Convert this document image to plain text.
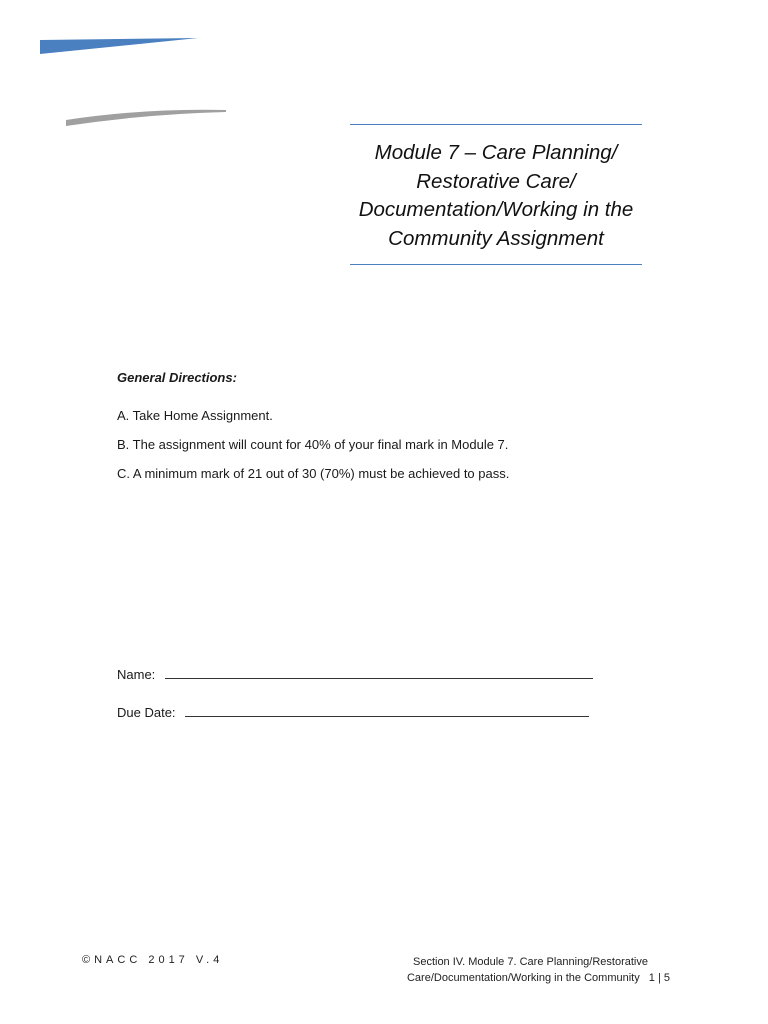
Module 7 – Care Planning/ Restorative Care/ Documentation/Working in the Community Assignment
General Directions:
A. Take Home Assignment.
B. The assignment will count for 40% of your final mark in Module 7.
C. A minimum mark of 21 out of 30 (70%) must be achieved to pass.
Name:
Due Date:
©NACC 2017 V.4	Section IV. Module 7. Care Planning/Restorative
Care/Documentation/Working in the Community 1 | 5
